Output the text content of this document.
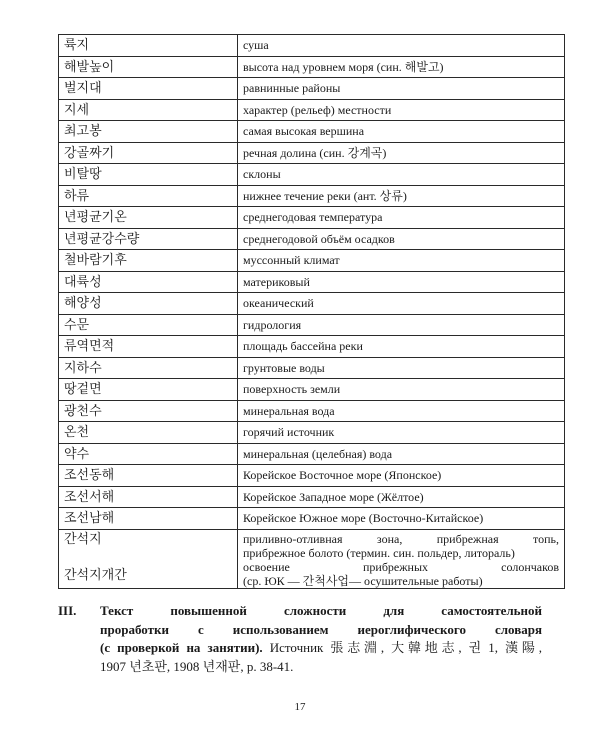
륙지	суша
해발높이	высота над уровнем моря (син. 해발고)
벌지대	равнинные районы
지세	характер (рельеф) местности
최고봉	самая высокая вершина
강골짜기	речная долина (син. 강계곡)
비탈땅	склоны
하류	нижнее течение реки (ант. 상류)
년평균기온	среднегодовая температура
년평균강수량	среднегодовой объём осадков
철바람기후	муссонный климат
대륙성	материковый
해양성	океанический
수문	гидрология
류역면적	площадь бассейна реки
지하수	грунтовые воды
땅겉면	поверхность земли
광천수	минеральная вода
온천	горячий источник
약수	минеральная (целебная) вода
조선동해	Корейское Восточное море (Японское)
조선서해	Корейское Западное море (Жёлтое)
조선남해	Корейское Южное море (Восточно-Китайское)

간석지
간석지개간	приливно-отливная зона, прибрежная топь,
прибрежное болото (термин. син. польдер, литораль)
освоение прибрежных солончаков
(ср. ЮК — 간척사업— осушительные работы)
III. Текст повышенной сложности для самостоятельной
проработки с использованием иероглифического словаря
(с проверкой на занятии). Источник 張志淵, 大韓地志, 권 1, 漢陽,
1907 년초판, 1908 년재판, p. 38-41.
17
